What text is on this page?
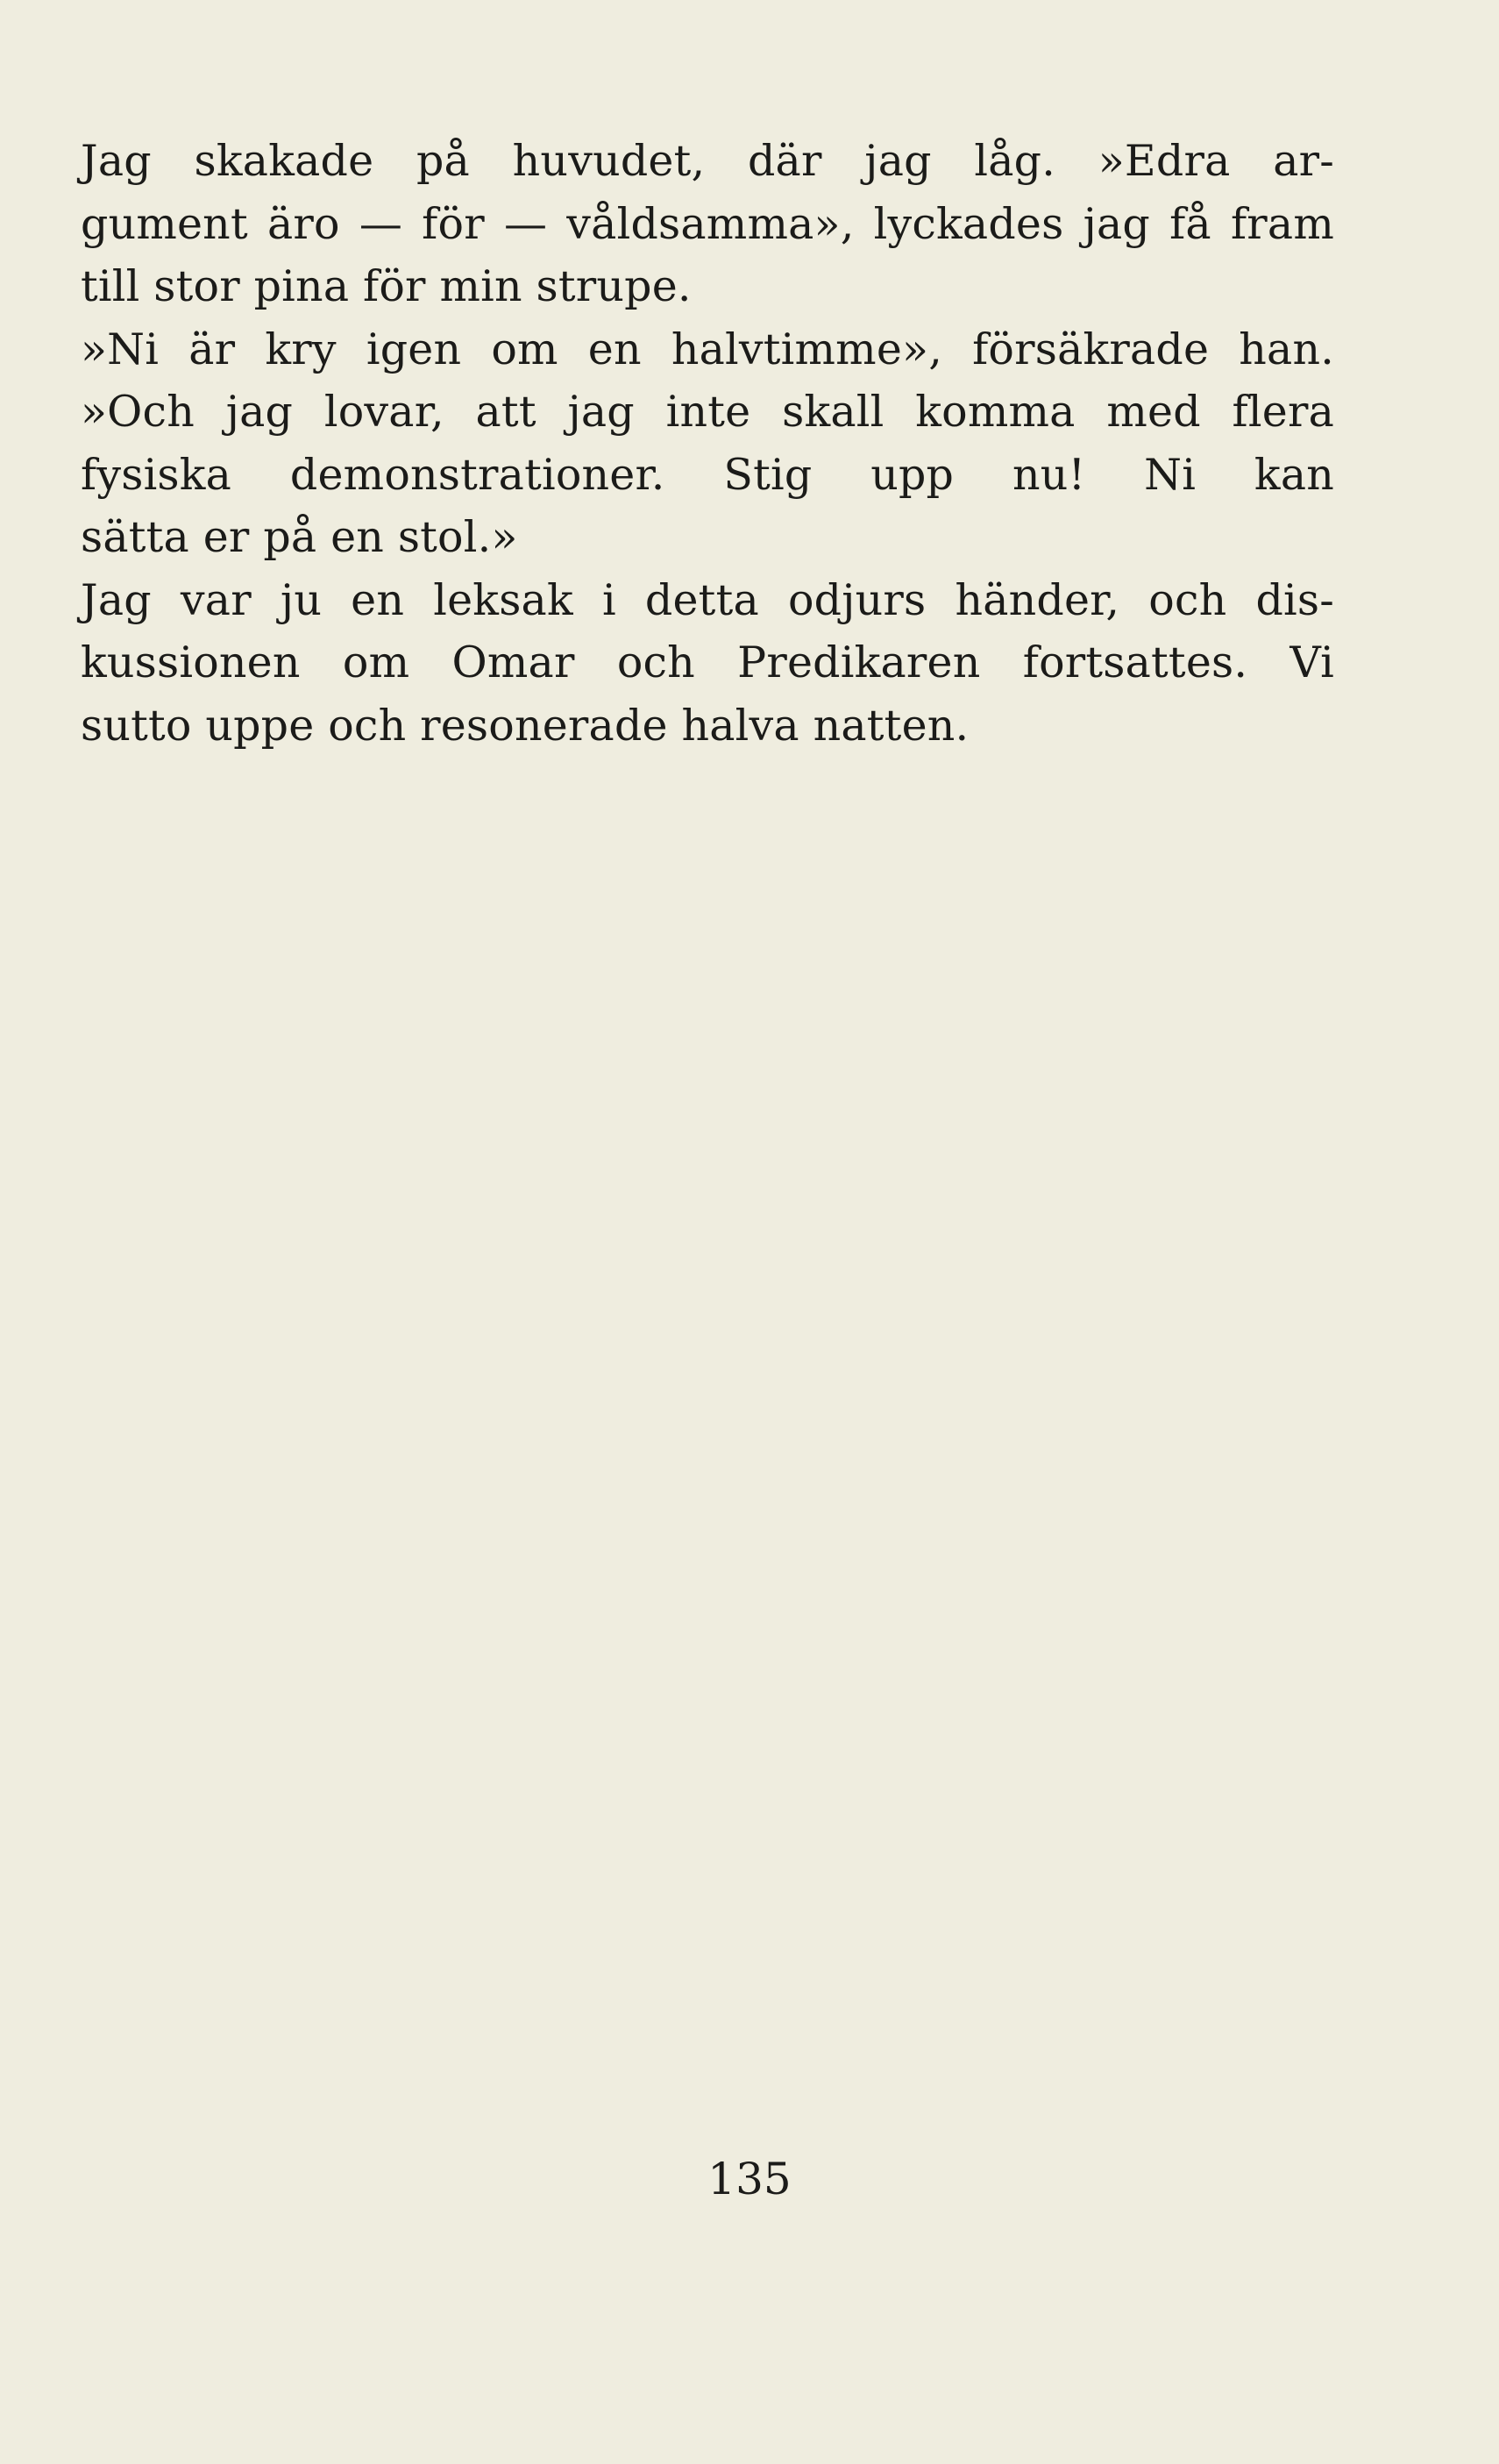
Jag skakade på huvudet, där jag låg. »Edra ar-
gument äro — för — våldsamma», lyckades jag få fram
till stor pina för min strupe.
»Ni är kry igen om en halvtimme», försäkrade han.
»Och jag lovar, att jag inte skall komma med flera
fysiska demonstrationer. Stig upp nu! Ni kan
sätta er på en stol.»
Jag var ju en leksak i detta odjurs händer, och dis-
kussionen om Omar och Predikaren fortsattes. Vi
sutto uppe och resonerade halva natten.
135
